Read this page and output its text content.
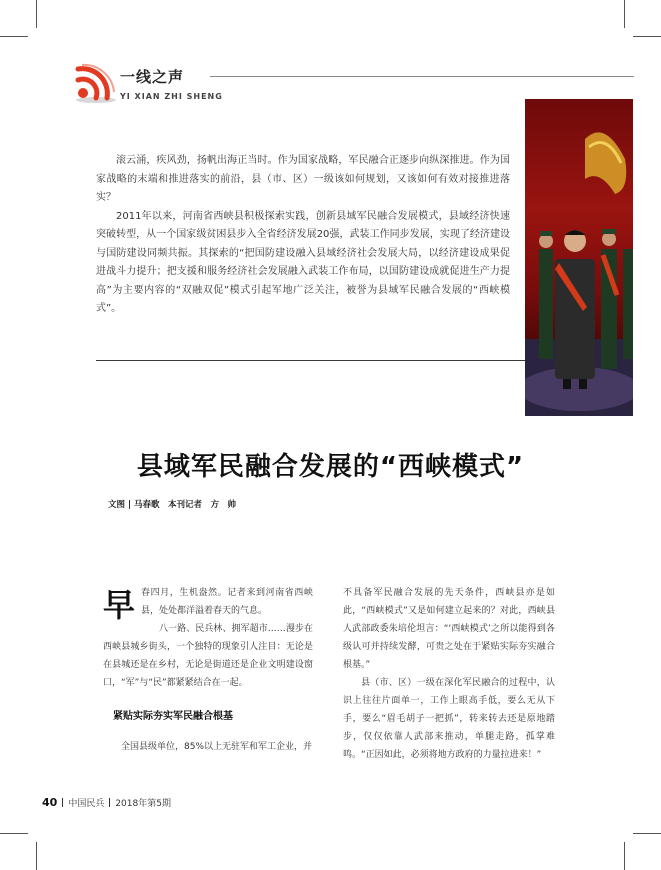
一线之声
YI XIAN ZHI SHENG

滚云涌，疾风劲，扬帆出海正当时。作为国家战略，军民融合正逐步向纵深推进。作为国家战略的末端和推进落实的前沿，县（市、区）一级该如何规划，又该如何有效对接推进落实？

2011年以来，河南省西峡县积极探索实践，创新县域军民融合发展模式，县域经济快速突破转型，从一个国家级贫困县步入全省经济发展20强，武装工作同步发展，实现了经济建设与国防建设同频共振。其探索的“把国防建设融入县域经济社会发展大局，以经济建设成果促进战斗力提升；把支援和服务经济社会发展融入武装工作布局，以国防建设成就促进生产力提高”为主要内容的“双融双促”模式引起军地广泛关注，被誉为县域军民融合发展的“西峡模式”。

县域军民融合发展的“西峡模式”
文图 | 马春歌　本刊记者　方　帅
早 春四月，生机盎然。记者来到河南省西峡县，处处都洋溢着春天的气息。

八一路、民兵林、拥军超市……漫步在西峡县城乡街头，一个独特的现象引人注目：无论是在县城还是在乡村，无论是街道还是企业文明建设窗口，“军”与“民”都紧紧结合在一起。

紧贴实际夯实军民融合根基

全国县级单位，85%以上无驻军和军工企业，并

不具备军民融合发展的先天条件，西峡县亦是如此，“西峡模式”又是如何建立起来的？对此，西峡县人武部政委朱培伦坦言：“‘西峡模式’之所以能得到各级认可并持续发酵，可贵之处在于紧贴实际夯实融合根基。”

县（市、区）一级在深化军民融合的过程中，认识上往往片面单一，工作上眼高手低，要么无从下手，要么“眉毛胡子一把抓”，转来转去还是原地踏步，仅仅依靠人武部来推动，单腿走路，孤掌难鸣。“正因如此，必须将地方政府的力量拉进来！”

40 中国民兵 2018年第5期
